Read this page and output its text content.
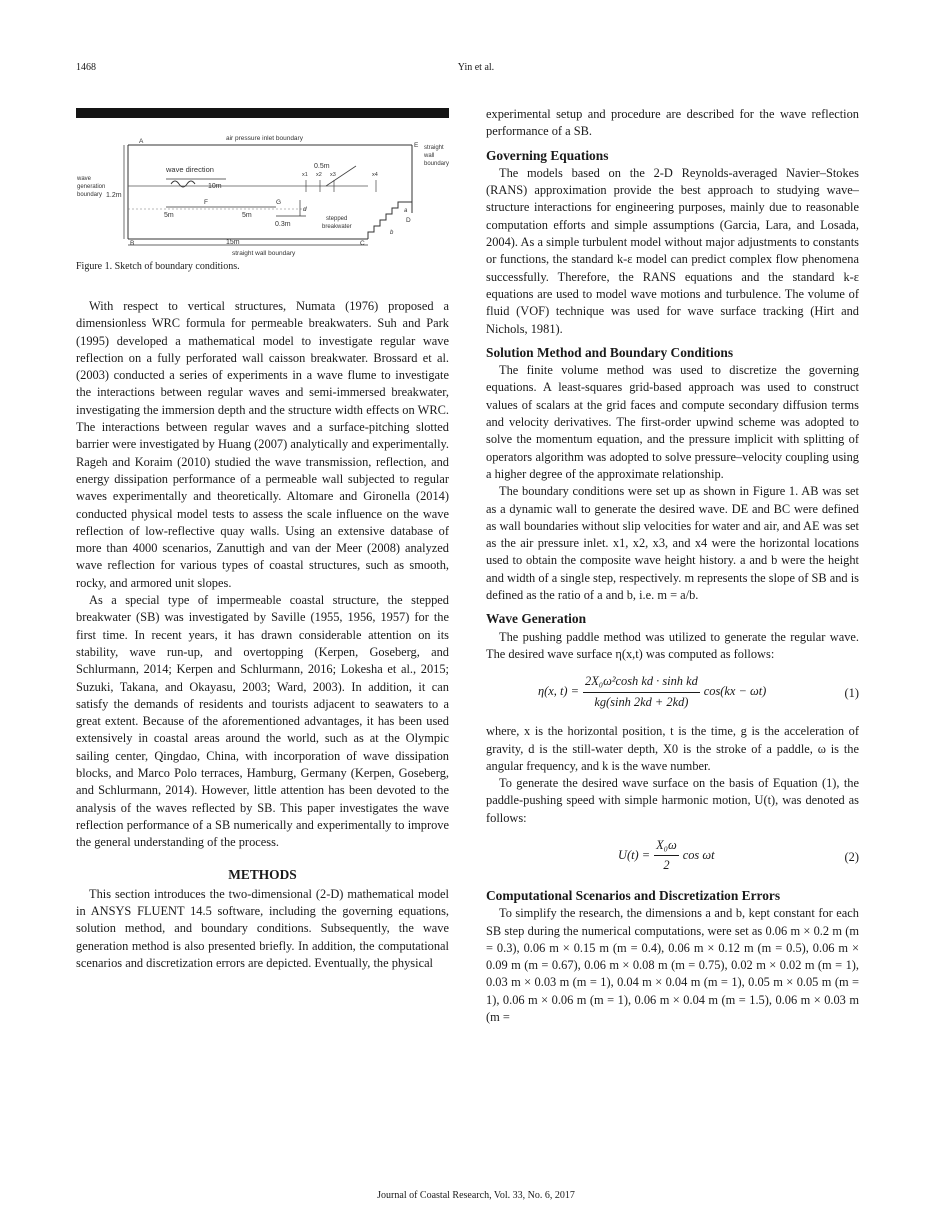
1468	Yin et al.
air pressure inlet boundary
wave
generation
boundary
straight
wall
boundary
wave direction
1.2m
10m
0.5m
5m	5m
0.3m
15m
stepped
breakwater
straight wall boundary
A
B	C
D
E
F	G
x1 x2 x3	x4
d	a
b
Figure 1. Sketch of boundary conditions.

With respect to vertical structures, Numata (1976) proposed a dimensionless WRC formula for permeable breakwaters. Suh and Park (1995) developed a mathematical model to investigate regular wave reflection on a fully perforated wall caisson breakwater. Brossard et al. (2003) conducted a series of experiments in a wave flume to investigate the interactions between regular waves and semi-immersed breakwater, investigating the immersion depth and the structure width effects on WRC. The interactions between regular waves and a surface-pitching slotted barrier were investigated by Huang (2007) analytically and experimentally. Rageh and Koraim (2010) studied the wave transmission, reflection, and energy dissipation performance of a permeable wall subjected to regular waves experimentally and theoretically. Altomare and Gironella (2014) conducted physical model tests to assess the scale influence on the wave reflection of low-reflective quay walls. Using an extensive database of more than 4000 scenarios, Zanuttigh and van der Meer (2008) analyzed wave reflection for various types of coastal structures, such as smooth, rocky, and armored unit slopes.

As a special type of impermeable coastal structure, the stepped breakwater (SB) was investigated by Saville (1955, 1956, 1957) for the first time. In recent years, it has drawn considerable attention on its stability, wave run-up, and overtopping (Kerpen, Goseberg, and Schlurmann, 2014; Kerpen and Schlurmann, 2016; Lokesha et al., 2015; Suzuki, Takana, and Okayasu, 2003; Ward, 2003). In addition, it can satisfy the demands of residents and tourists adjacent to seawaters to a great extent. Because of the aforementioned advantages, it has been used extensively in coastal areas around the world, such as at the Olympic sailing center, Qingdao, China, with incorporation of wave dissipation blocks, and Marco Polo terraces, Hamburg, Germany (Kerpen, Goseberg, and Schlurmann, 2014). However, little attention has been devoted to the analysis of the waves reflected by SB. This paper investigates the wave reflection performance of a SB numerically and experimentally to improve the general understanding of the process.

METHODS

This section introduces the two-dimensional (2-D) mathematical model in ANSYS FLUENT 14.5 software, including the governing equations, solution method, and boundary conditions. Subsequently, the wave generation method is also presented briefly. In addition, the computational scenarios and discretization errors are depicted. Eventually, the physical

experimental setup and procedure are described for the wave reflection performance of a SB.

Governing Equations

The models based on the 2-D Reynolds-averaged Navier–Stokes (RANS) approximation provide the best approach to studying wave–structure interactions for engineering purposes, mainly due to reasonable computation efforts and simple assumptions (Garcia, Lara, and Losada, 2004). As a simple turbulent model without major adjustments to constants or functions, the standard k-ε model can predict complex flow phenomena successfully. Therefore, the RANS equations and the standard k-ε equations are used to model wave motions and turbulence. The volume of fluid (VOF) technique was used for wave surface tracking (Hirt and Nichols, 1981).

Solution Method and Boundary Conditions

The finite volume method was used to discretize the governing equations. A least-squares grid-based approach was used to construct values of scalars at the grid faces and compute secondary diffusion terms and velocity derivatives. The first-order upwind scheme was adopted to solve the momentum equation, and the pressure implicit with splitting of operators algorithm was adopted to solve pressure–velocity coupling using a higher degree of the approximate relationship.

The boundary conditions were set up as shown in Figure 1. AB was set as a dynamic wall to generate the desired wave. DE and BC were defined as wall boundaries without slip velocities for water and air, and AE was set as the air pressure inlet. x1, x2, x3, and x4 were the horizontal locations used to obtain the composite wave height history. a and b were the height and width of a single step, respectively. m represents the slope of SB and is defined as the ratio of a and b, i.e. m = a/b.

Wave Generation

The pushing paddle method was utilized to generate the regular wave. The desired wave surface η(x,t) was computed as follows:

η(x, $t) = \frac{\text{2X₀ω²cosh kd · sinh kd}}{kg(\sinh 2kd + 2kd)} \cos(kx - \omega t)$	(1)

where, x is the horizontal position, t is the time, g is the acceleration of gravity, d is the still-water depth, X0 is the stroke of a paddle, ω is the angular frequency, and k is the wave number.

To generate the desired wave surface on the basis of Equation (1), the paddle-pushing speed with simple harmonic motion, U(t), was denoted as follows:

$U(t) = \frac{\text{X₀ω}}{2}$ cos ωt	(2)
Computational Scenarios and Discretization Errors

To simplify the research, the dimensions a and b, kept constant for each SB step during the numerical computations, were set as 0.06 m × 0.2 m (m = 0.3), 0.06 m × 0.15 m (m = 0.4), 0.06 m × 0.12 m (m = 0.5), 0.06 m × 0.09 m (m = 0.67), 0.06 m × 0.08 m (m = 0.75), 0.02 m × 0.02 m (m = 1), 0.03 m × 0.03 m (m = 1), 0.04 m × 0.04 m (m = 1), 0.05 m × 0.05 m (m = 1), 0.06 m × 0.06 m (m = 1), 0.06 m × 0.04 m (m = 1.5), 0.06 m × 0.03 m (m =

Journal of Coastal Research, Vol. 33, No. 6, 2017
